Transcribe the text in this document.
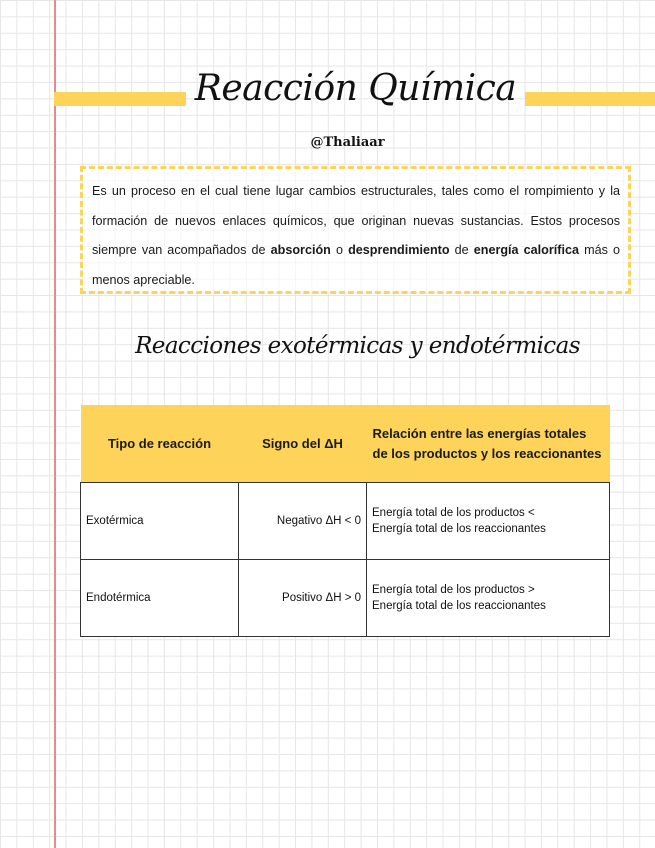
Reacción Química
@Thaliaar
Es un proceso en el cual tiene lugar cambios estructurales, tales como el rompimiento y la formación de nuevos enlaces químicos, que originan nuevas sustancias. Estos procesos siempre van acompañados de absorción o desprendimiento de energía calorífica más o menos apreciable.
Reacciones exotérmicas y endotérmicas
Tipo de reacción	Signo del ΔH	Relación entre las energías totales de los productos y los reaccionantes
Exotérmica	Negativo ΔH < 0	Energía total de los productos <
Energía total de los reaccionantes
Endotérmica	Positivo ΔH > 0	Energía total de los productos >
Energía total de los reaccionantes
